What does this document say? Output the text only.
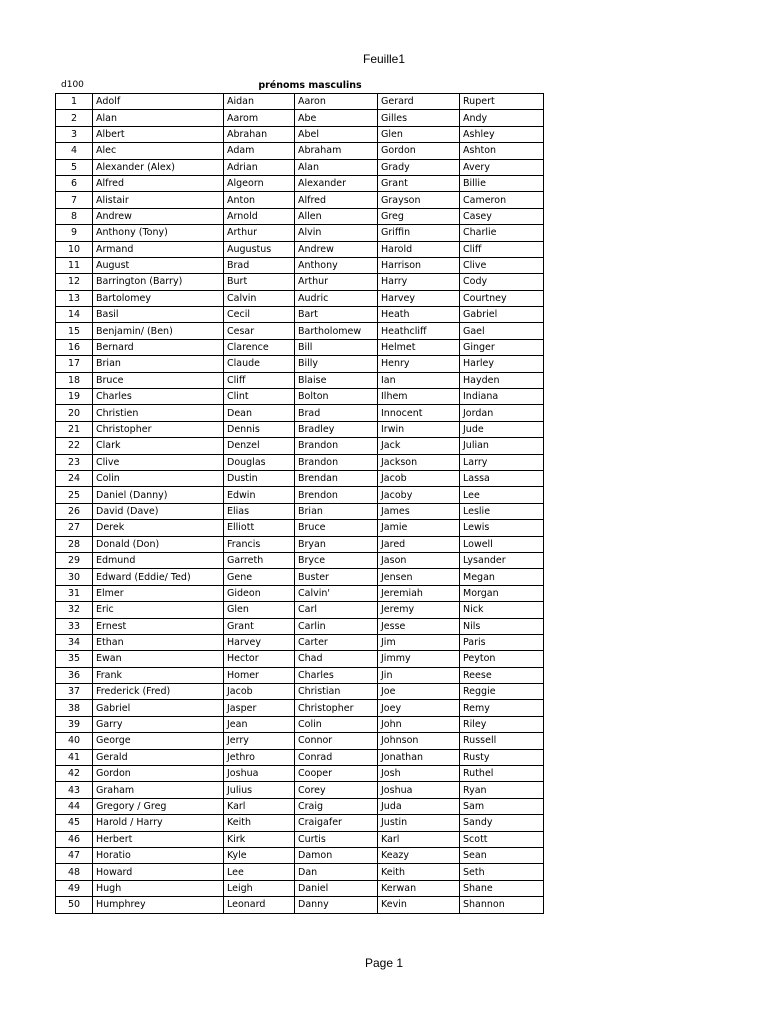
Feuille1
d100	prénoms masculins
1	Adolf	Aidan	Aaron	Gerard	Rupert
2	Alan	Aarom	Abe	Gilles	Andy
3	Albert	Abrahan	Abel	Glen	Ashley
4	Alec	Adam	Abraham	Gordon	Ashton
5	Alexander (Alex)	Adrian	Alan	Grady	Avery
6	Alfred	Algeorn	Alexander	Grant	Billie
7	Alistair	Anton	Alfred	Grayson	Cameron
8	Andrew	Arnold	Allen	Greg	Casey
9	Anthony (Tony)	Arthur	Alvin	Griffin	Charlie
10	Armand	Augustus	Andrew	Harold	Cliff
11	August	Brad	Anthony	Harrison	Clive
12	Barrington (Barry)	Burt	Arthur	Harry	Cody
13	Bartolomey	Calvin	Audric	Harvey	Courtney
14	Basil	Cecil	Bart	Heath	Gabriel
15	Benjamin/ (Ben)	Cesar	Bartholomew	Heathcliff	Gael
16	Bernard	Clarence	Bill	Helmet	Ginger
17	Brian	Claude	Billy	Henry	Harley
18	Bruce	Cliff	Blaise	Ian	Hayden
19	Charles	Clint	Bolton	Ilhem	Indiana
20	Christien	Dean	Brad	Innocent	Jordan
21	Christopher	Dennis	Bradley	Irwin	Jude
22	Clark	Denzel	Brandon	Jack	Julian
23	Clive	Douglas	Brandon	Jackson	Larry
24	Colin	Dustin	Brendan	Jacob	Lassa
25	Daniel (Danny)	Edwin	Brendon	Jacoby	Lee
26	David (Dave)	Elias	Brian	James	Leslie
27	Derek	Elliott	Bruce	Jamie	Lewis
28	Donald (Don)	Francis	Bryan	Jared	Lowell
29	Edmund	Garreth	Bryce	Jason	Lysander
30	Edward (Eddie/ Ted)	Gene	Buster	Jensen	Megan
31	Elmer	Gideon	Calvin'	Jeremiah	Morgan
32	Eric	Glen	Carl	Jeremy	Nick
33	Ernest	Grant	Carlin	Jesse	Nils
34	Ethan	Harvey	Carter	Jim	Paris
35	Ewan	Hector	Chad	Jimmy	Peyton
36	Frank	Homer	Charles	Jin	Reese
37	Frederick (Fred)	Jacob	Christian	Joe	Reggie
38	Gabriel	Jasper	Christopher	Joey	Remy
39	Garry	Jean	Colin	John	Riley
40	George	Jerry	Connor	Johnson	Russell
41	Gerald	Jethro	Conrad	Jonathan	Rusty
42	Gordon	Joshua	Cooper	Josh	Ruthel
43	Graham	Julius	Corey	Joshua	Ryan
44	Gregory / Greg	Karl	Craig	Juda	Sam
45	Harold / Harry	Keith	Craigafer	Justin	Sandy
46	Herbert	Kirk	Curtis	Karl	Scott
47	Horatio	Kyle	Damon	Keazy	Sean
48	Howard	Lee	Dan	Keith	Seth
49	Hugh	Leigh	Daniel	Kerwan	Shane
50	Humphrey	Leonard	Danny	Kevin	Shannon
Page 1
